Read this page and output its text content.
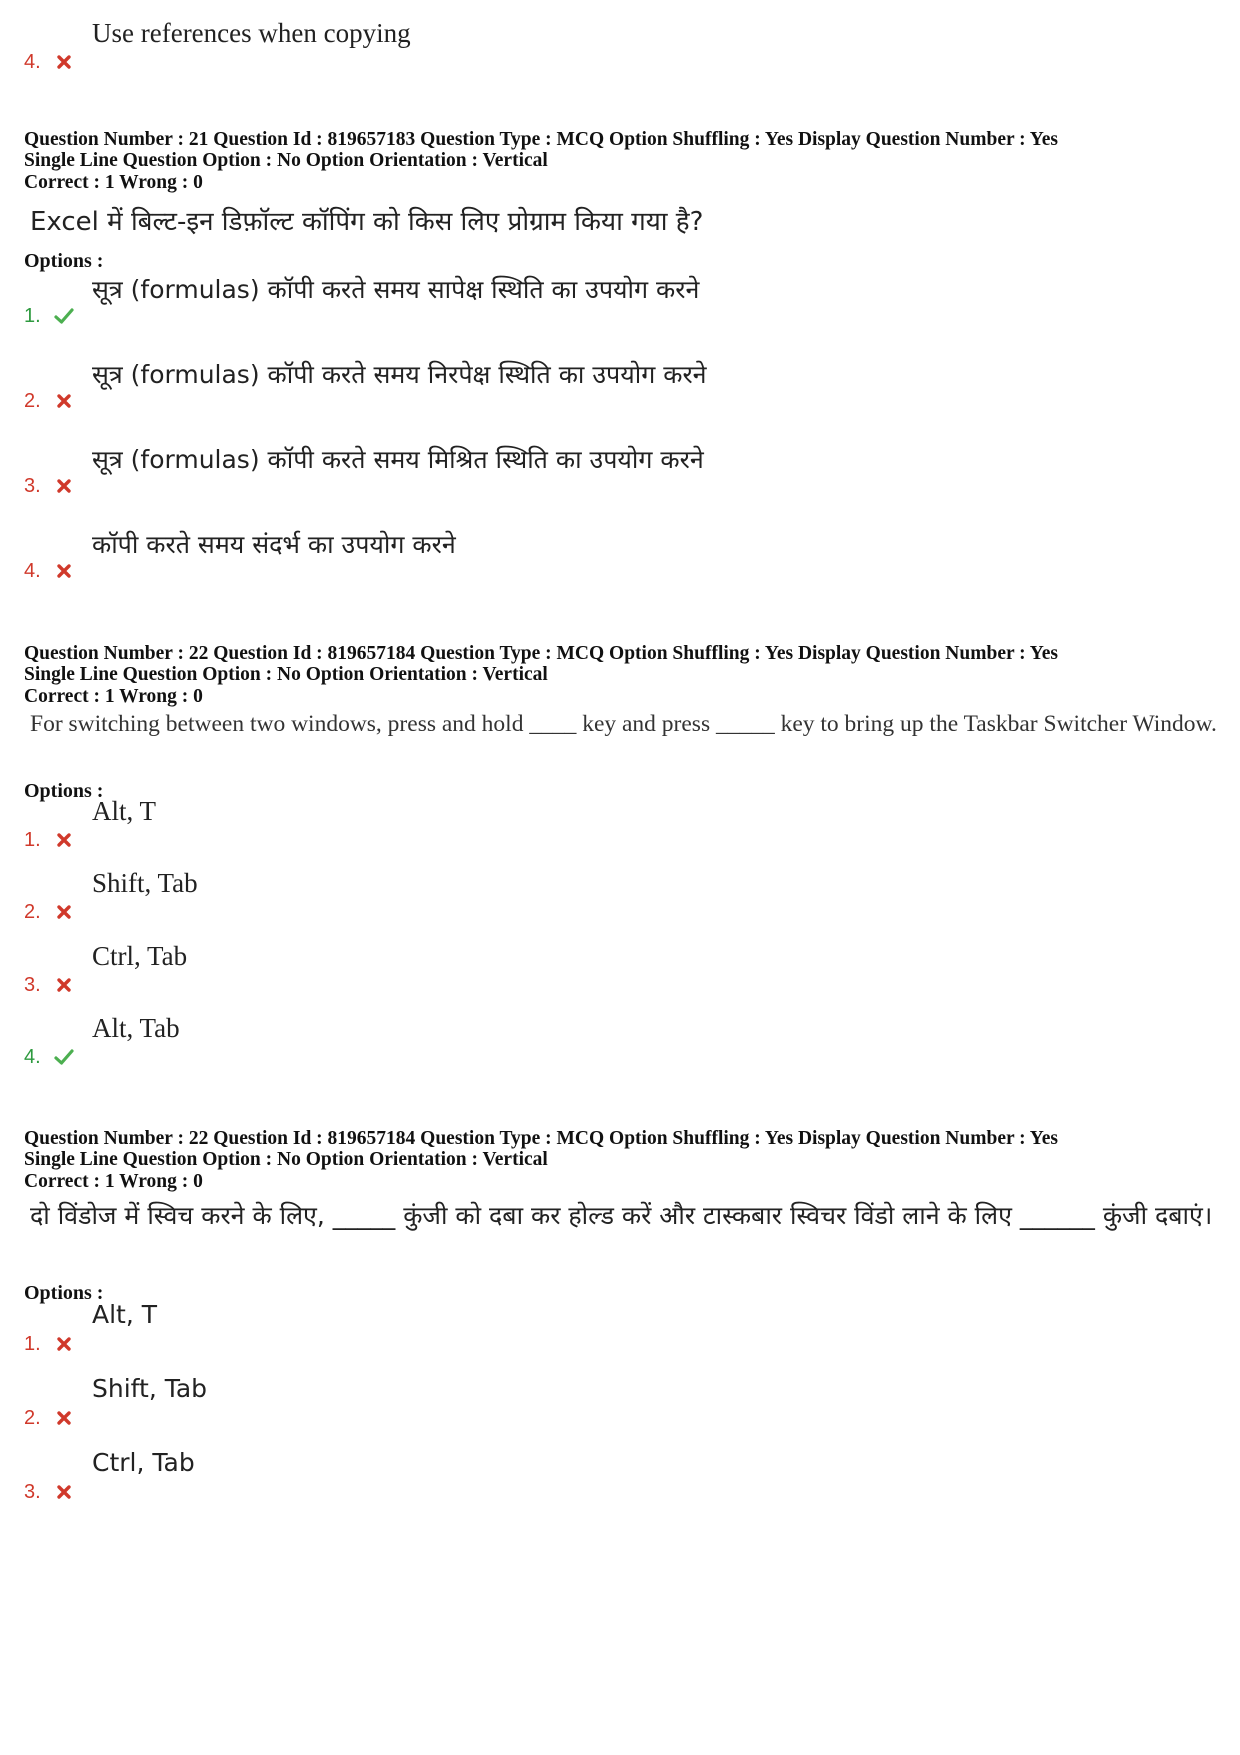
4.
Use references when copying
Question Number : 21 Question Id : 819657183 Question Type : MCQ Option Shuffling : Yes Display Question Number : Yes
Single Line Question Option : No Option Orientation : Vertical
Correct : 1 Wrong : 0
Excel में बिल्ट-इन डिफ़ॉल्ट कॉपिंग को किस लिए प्रोग्राम किया गया है?
Options :
1.
सूत्र (formulas) कॉपी करते समय सापेक्ष स्थिति का उपयोग करने
2.
सूत्र (formulas) कॉपी करते समय निरपेक्ष स्थिति का उपयोग करने
3.
सूत्र (formulas) कॉपी करते समय मिश्रित स्थिति का उपयोग करने
4.
कॉपी करते समय संदर्भ का उपयोग करने
Question Number : 22 Question Id : 819657184 Question Type : MCQ Option Shuffling : Yes Display Question Number : Yes
Single Line Question Option : No Option Orientation : Vertical
Correct : 1 Wrong : 0
For switching between two windows, press and hold ____ key and press _____ key to bring up the Taskbar Switcher Window.
Options :
1.
Alt, T
2.
Shift, Tab
3.
Ctrl, Tab
4.
Alt, Tab
Question Number : 22 Question Id : 819657184 Question Type : MCQ Option Shuffling : Yes Display Question Number : Yes
Single Line Question Option : No Option Orientation : Vertical
Correct : 1 Wrong : 0
दो विंडोज में स्विच करने के लिए, _____ कुंजी को दबा कर होल्ड करें और टास्कबार स्विचर विंडो लाने के लिए ______ कुंजी दबाएं।
Options :
1.
Alt, T
2.
Shift, Tab
3.
Ctrl, Tab
